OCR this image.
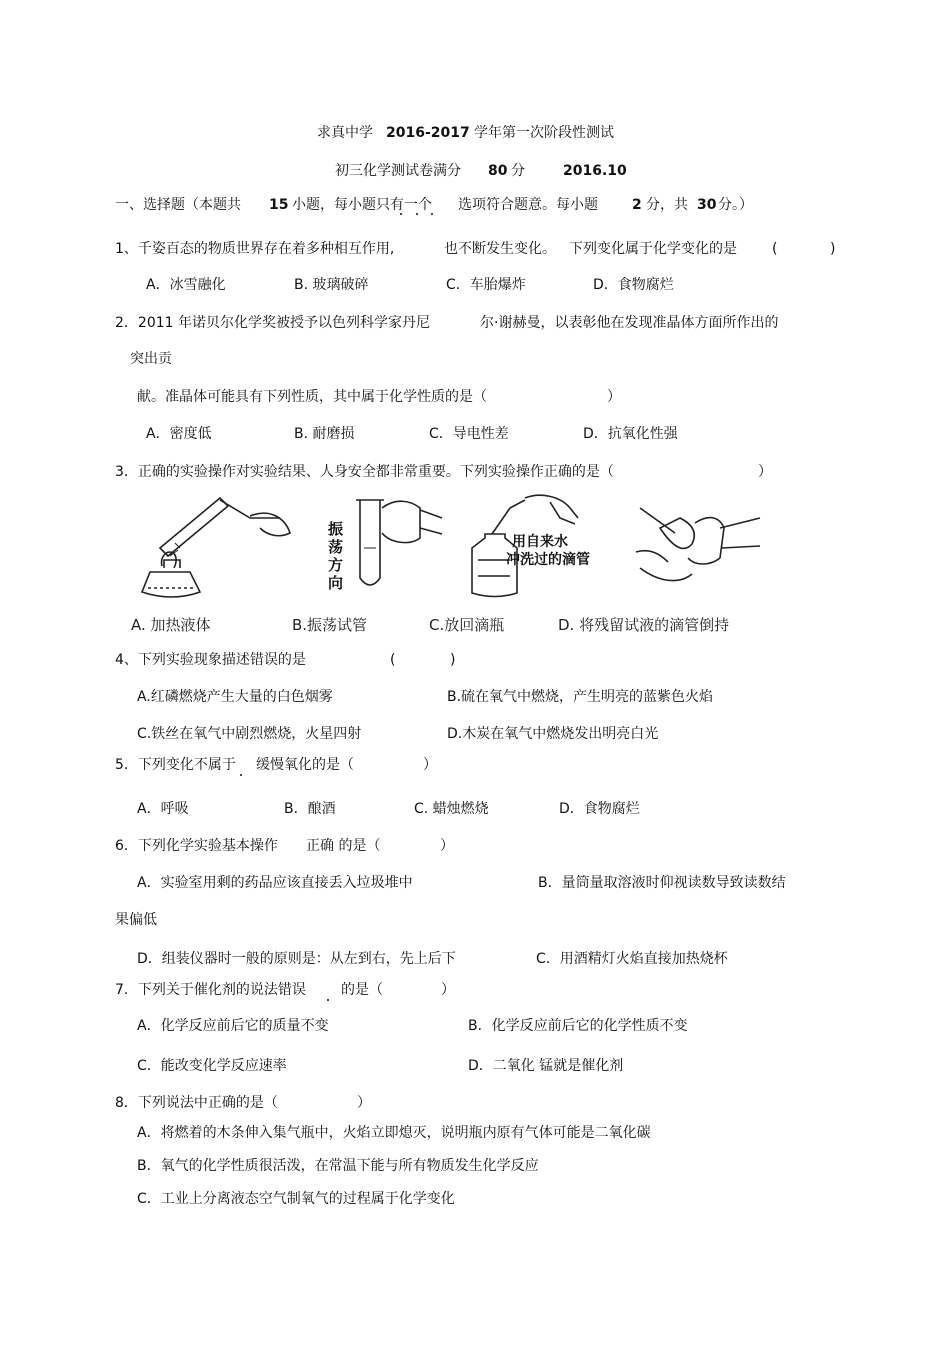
求真中学 2016-2017 学年第一次阶段性测试
初三化学测试卷满分 80 分	2016.10
一、选择题（本题共 15 小题，每小题只有一个 选项符合题意。每小题 2 分，共 30 分。）
1、千姿百态的物质世界存在着多种相互作用,	也不断发生变化。 下列变化属于化学变化的是	(	)
A．冰雪融化	B. 玻璃破碎	C．车胎爆炸	D．食物腐烂
2．2011 年诺贝尔化学奖被授予以色列科学家丹尼	尔·谢赫曼，以表彰他在发现准晶体方面所作出的
突出贡
献。准晶体可能具有下列性质，其中属于化学性质的是（	）
A．密度低	B. 耐磨损	C．导电性差	D．抗氧化性强
3．正确的实验操作对实验结果、人身安全都非常重要。下列实验操作正确的是（	）
振
荡
方
向
用自来水
冲洗过的滴管
A. 加热液体	B.振荡试管	C.放回滴瓶	D. 将残留试液的滴管倒持
4、下列实验现象描述错误的是	(	)
A.红磷燃烧产生大量的白色烟雾	B.硫在氧气中燃烧，产生明亮的蓝紫色火焰
C.铁丝在氧气中剧烈燃烧，火星四射	D.木炭在氧气中燃烧发出明亮白光
5．下列变化不属于 缓慢氧化的是（	）
A．呼吸	B．酿酒	C. 蜡烛燃烧	D．食物腐烂
6．下列化学实验基本操作 正确 的是（	）
A．实验室用剩的药品应该直接丢入垃圾堆中	B．量筒量取溶液时仰视读数导致读数结
果偏低
D．组装仪器时一般的原则是：从左到右，先上后下	C．用酒精灯火焰直接加热烧杯
7．下列关于催化剂的说法错误	的是（	）
A．化学反应前后它的质量不变	B．化学反应前后它的化学性质不变
C．能改变化学反应速率	D．二氧化 锰就是催化剂
8．下列说法中正确的是（	）
A．将燃着的木条伸入集气瓶中，火焰立即熄灭，说明瓶内原有气体可能是二氧化碳
B．氧气的化学性质很活泼，在常温下能与所有物质发生化学反应
C．工业上分离液态空气制氧气的过程属于化学变化
